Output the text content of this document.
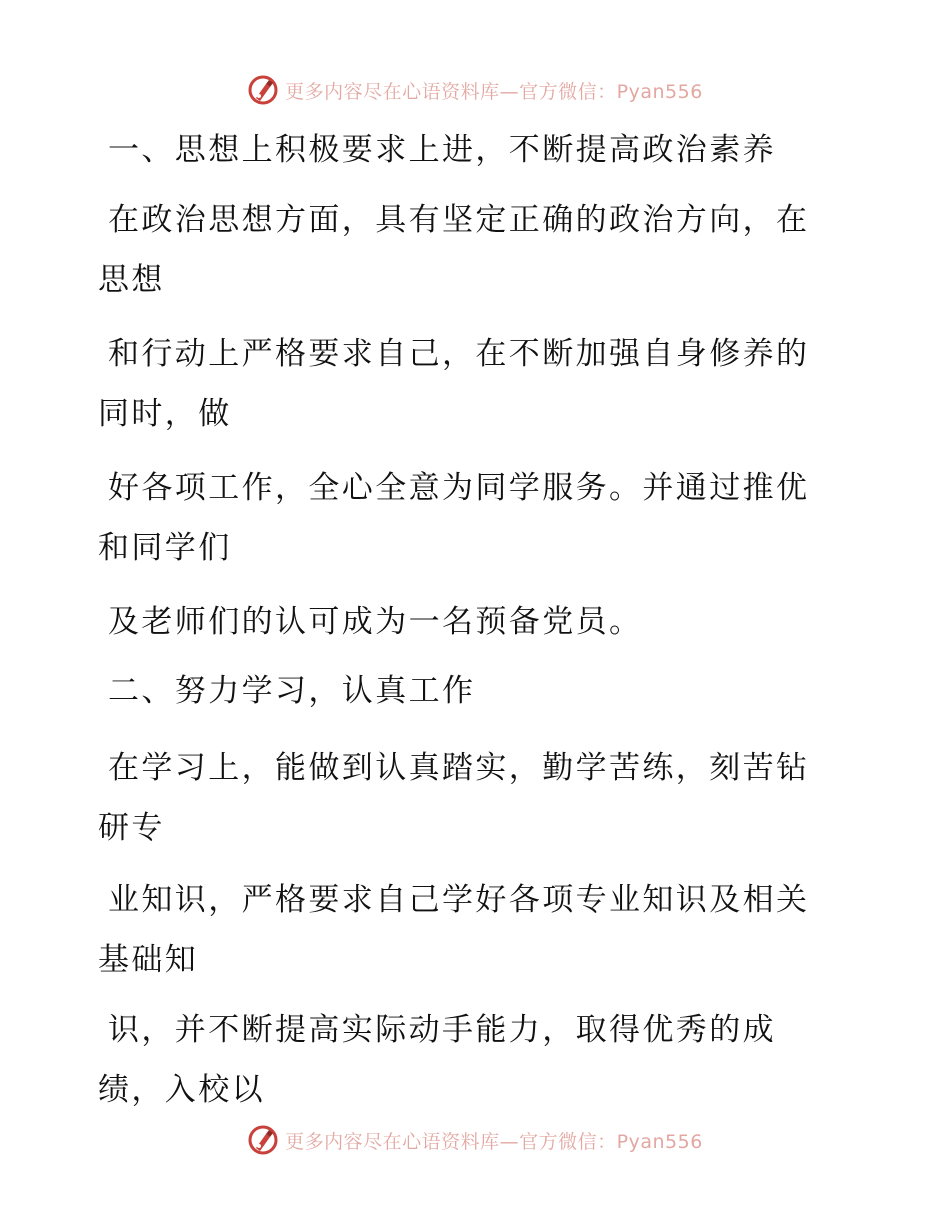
更多内容尽在心语资料库—官方微信：Pyan556

一、思想上积极要求上进，不断提高政治素养

在政治思想方面，具有坚定正确的政治方向，在
思想

和行动上严格要求自己，在不断加强自身修养的
同时，做

好各项工作，全心全意为同学服务。并通过推优
和同学们

及老师们的认可成为一名预备党员。

二、努力学习，认真工作

在学习上，能做到认真踏实，勤学苦练，刻苦钻
研专

业知识，严格要求自己学好各项专业知识及相关
基础知

识，并不断提高实际动手能力，取得优秀的成
绩，入校以

更多内容尽在心语资料库—官方微信：Pyan556
